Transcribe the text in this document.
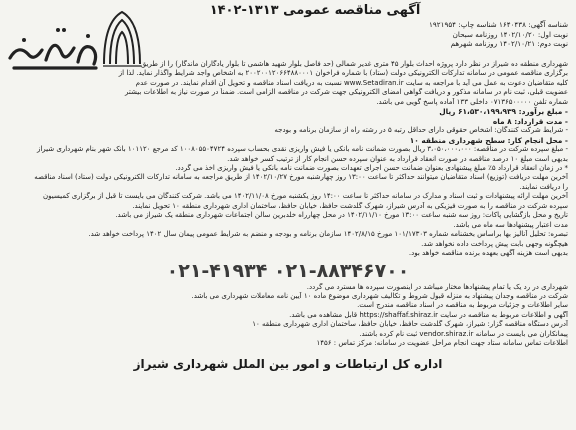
آگهی مناقصه عمومی ۱۳۱۳-۱۴۰۲
شناسه آگهی: ۱۶۴۰۴۳۸ شناسه چاپ: ۱۹۲۱۹۵۴
نوبت اول: ۱۴۰۲/۱۰/۲۰ روزنامه سبحان
نوبت دوم: ۱۴۰۲/۱۰/۲۱ روزنامه شهرهم
شهرداری منطقه ده شیراز در نظر دارد پروژه احداث بلوار ۴۵ متری غدیر شمالی (حد فاصل بلوار شهید هاشمی تا بلوار یادگاران ماندگار) را از طریق
برگزاری مناقصه عمومی در سامانه تدارکات الکترونیکی دولت (ستاد) با شماره فراخوان ۲۰۰۲۰۰۱۲۰۶۶۴۸۸۰۰۰۱ به اشخاص واجد شرایط واگذار نماید. لذا از
کلیه متقاضیان دعوت به عمل می آید با مراجعه به سایت www.Setadiran.ir نسبت به دریافت اسناد مناقصه و تحویل آن اقدام نمایند. در صورت عدم
عضویت قبلی، ثبت نام در سامانه مذکور و دریافت گواهی امضای الکترونیکی جهت شرکت در مناقصه الزامی است. ضمناً در صورت نیاز به اطلاعات بیشتر
شماره تلفن ۰۷۱۳۶۵۰۰۰۰۰ داخلی ۱۳۳ آماده پاسخ گویی می باشد.
- مبلغ برآورد: ۶۱،۵۳۰،۱۹۹،۹۳۹ ریال
- مدت قرارداد: ۸ ماه
- شرایط شرکت کنندگان: اشخاص حقوقی دارای حداقل رتبه ۵ در رشته راه از سازمان برنامه و بودجه
- محل انجام کار: سطح شهرداری منطقه ۱۰
- مبلغ سپرده شرکت در مناقصه: ۳،۰۵۰،۰۰۰،۰۰۰ ریال بصورت ضمانت نامه بانکی یا فیش واریزی نقدی بحساب سپرده ۱۰۰۸۰۵۵۰۴۷۲۴ کد مرجع ۱۰۱۱۲۰ بانک شهر بنام شهرداری شیراز
بدیهی است مبلغ ۱۰ درصد مناقصه در صورت انعقاد قرارداد به عنوان سپرده حسن انجام کار از ترتیب کسر خواهد شد.
* در زمان انعقاد قرارداد ۵٪ مبلغ پیشنهادی بعنوان ضمانت حسن اجرای تعهدات بصورت ضمانت نامه بانکی یا فیش واریزی اخذ می گردد.
آخرین مهلت دریافت (توزیع) اسناد متقاضیان میتوانند حداکثر تا ساعت ۱۳:۰۰ روز چهارشنبه مورخ ۱۴۰۲/۱۰/۲۷ از طریق مراجعه به سامانه تدارکات الکترونیکی دولت (ستاد) اسناد مناقصه
را دریافت نمایند.
آخرین مهلت ارائه پیشنهادات و ثبت اسناد و مدارک در سامانه حداکثر تا ساعت ۱۴:۰۰ روز یکشنبه مورخ ۱۴۰۲/۱۱/۰۸ می باشد. شرکت کنندگان می بایست تا قبل از برگزاری کمیسیون
سپرده شرکت در مناقصه را به صورت فیزیکی به آدرس شیراز، شهرک گلدشت حافظ، خیابان حافظ، ساختمان اداری شهرداری منطقه ۱۰ تحویل نمایند.
تاریخ و محل بازگشایی پاکات: روز سه شنبه ساعت ۱۳:۰۰ مورخ ۱۴۰۲/۱۱/۱۰ در محل چهارراه خلدبرین سالن اجتماعات شهرداری منطقه یک شیراز می باشد.
مدت اعتبار پیشنهادها سه ماه می باشد.
تبصره: تحلیل آنالیز بها براساس بخشنامه شماره ۱۰۱/۱۷۳۰۳ مورخ ۱۴۰۲/۸/۱۵ سازمان برنامه و بودجه و منضم به شرایط عمومی پیمان سال ۱۴۰۲ پرداخت خواهد شد.
هیچگونه وجهی بابت پیش پرداخت داده نخواهد شد.
بدیهی است هزینه آگهی بعهده برنده مناقصه خواهد بود.
۰۲۱-۸۸۳۴۶۷۰۰ ۰۲۱-۴۱۹۳۴
شهرداری در رد یک یا تمام پیشنهادها مختار میباشد در اینصورت سپرده ها مسترد می گردد.
شرکت در مناقصه وجدان پیشنهاد به منزله قبول شروط و تکالیف شهرداری موضوع ماده ۱۰ آیین نامه معاملات شهرداری می باشد.
سایر اطلاعات و جزئیات مربوط به مناقصه در اسناد مناقصه مندرج است.
آگهی و اطلاعات مربوط به مناقصه در سایت https://shaffaf.shiraz.ir قابل مشاهده می باشد.
آدرس دستگاه مناقصه گزار: شیراز، شهرک گلدشت حافظ، خیابان حافظ، ساختمان اداری شهرداری منطقه ۱۰
پیمانکاران می بایست در سامانه vendor.shiraz.ir ثبت نام کرده باشند.
اطلاعات تماس سامانه ستاد جهت انجام مراحل عضویت در سامانه: مرکز تماس : ۱۴۵۶
اداره کل ارتباطات و امور بین الملل شهرداری شیراز
